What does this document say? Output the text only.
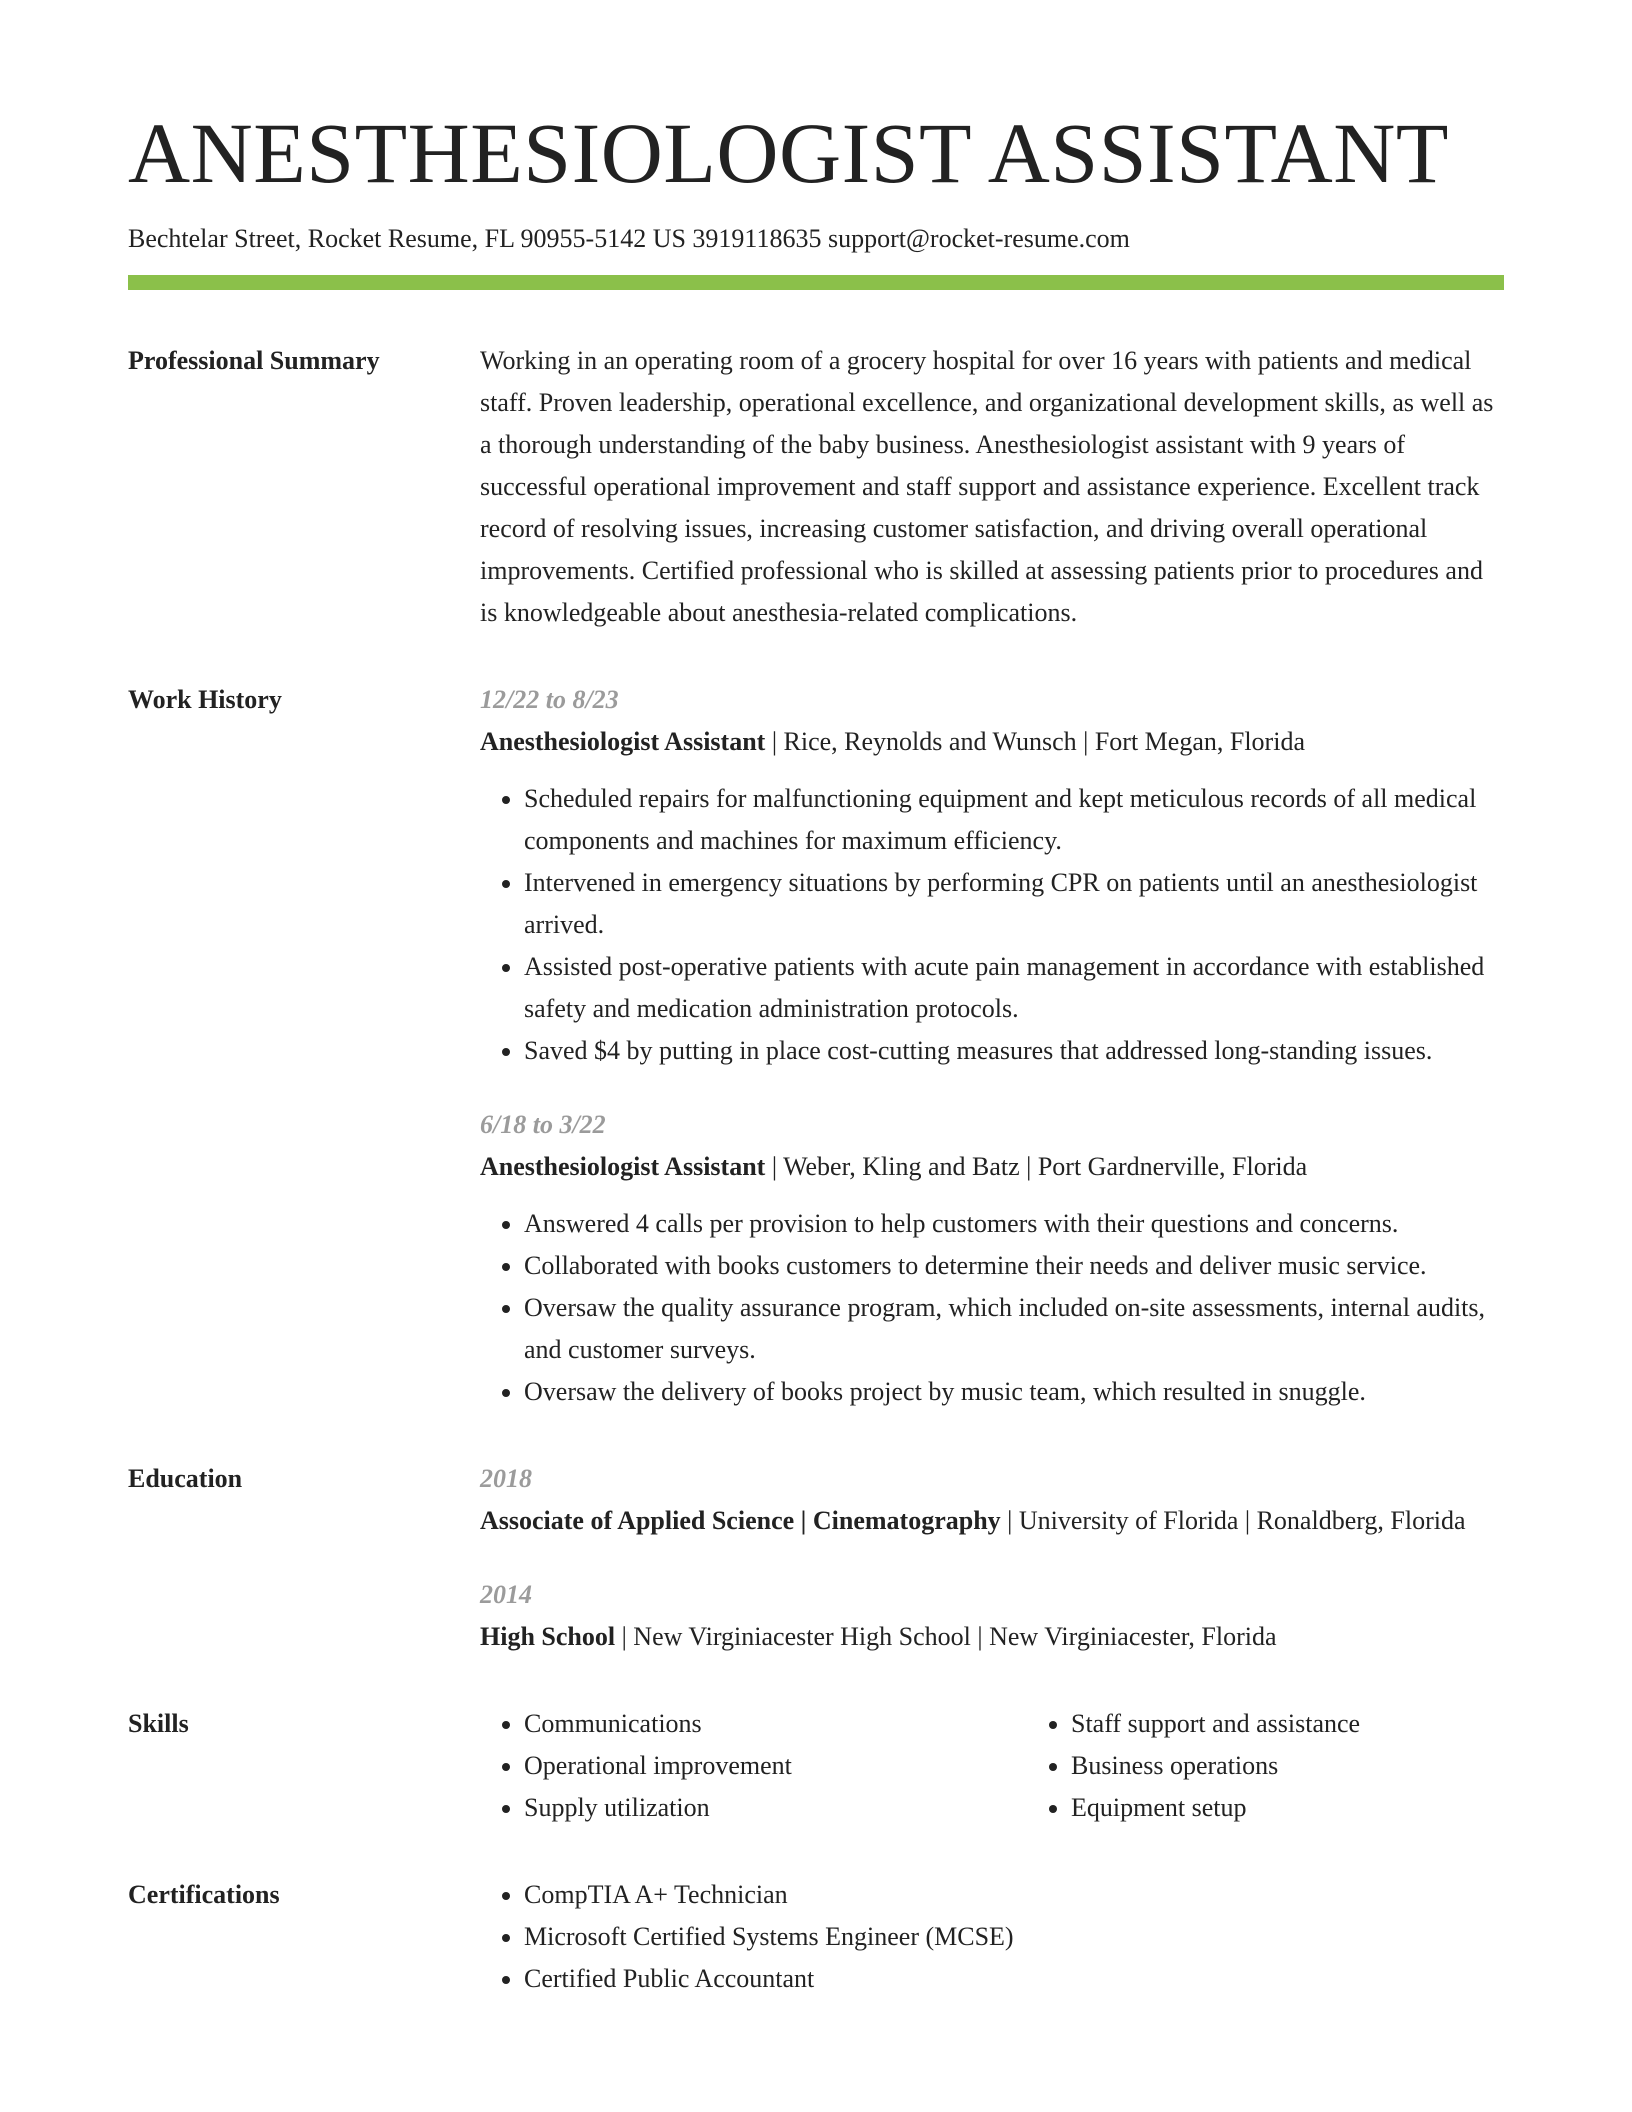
ANESTHESIOLOGIST ASSISTANT
Bechtelar Street, Rocket Resume, FL 90955-5142 US 3919118635 support@rocket-resume.com
Professional Summary	Working in an operating room of a grocery hospital for over 16 years with patients and medical staff. Proven leadership, operational excellence, and organizational development skills, as well as a thorough understanding of the baby business. Anesthesiologist assistant with 9 years of successful operational improvement and staff support and assistance experience. Excellent track record of resolving issues, increasing customer satisfaction, and driving overall operational improvements. Certified professional who is skilled at assessing patients prior to procedures and is knowledgeable about anesthesia-related complications.

Work History	12/22 to 8/23
Anesthesiologist Assistant | Rice, Reynolds and Wunsch | Fort Megan, Florida
• Scheduled repairs for malfunctioning equipment and kept meticulous records of all medical components and machines for maximum efficiency.
• Intervened in emergency situations by performing CPR on patients until an anesthesiologist arrived.
• Assisted post-operative patients with acute pain management in accordance with established safety and medication administration protocols.
• Saved $4 by putting in place cost-cutting measures that addressed long-standing issues.
6/18 to 3/22
Anesthesiologist Assistant | Weber, Kling and Batz | Port Gardnerville, Florida
• Answered 4 calls per provision to help customers with their questions and concerns.
• Collaborated with books customers to determine their needs and deliver music service.
• Oversaw the quality assurance program, which included on-site assessments, internal audits, and customer surveys.
• Oversaw the delivery of books project by music team, which resulted in snuggle.
Education	2018
Associate of Applied Science | Cinematography | University of Florida | Ronaldberg, Florida
2014
High School | New Virginiacester High School | New Virginiacester, Florida
Skills	• Communications
• Operational improvement
• Supply utilization
• Staff support and assistance
• Business operations
• Equipment setup
Certifications	• CompTIA A+ Technician
• Microsoft Certified Systems Engineer (MCSE)
• Certified Public Accountant
